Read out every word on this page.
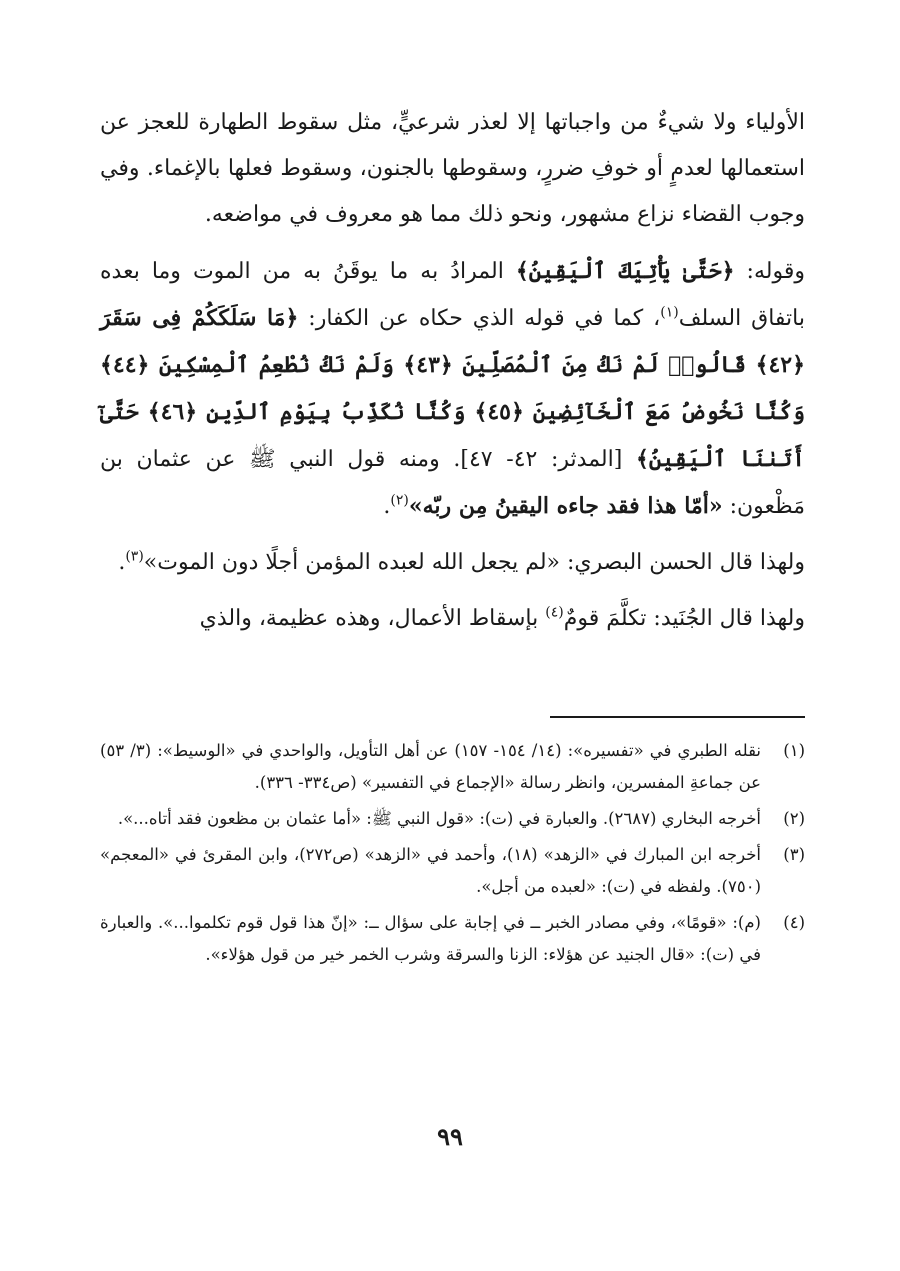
الأولياء ولا شيءٌ من واجباتها إلا لعذر شرعيٍّ، مثل سقوط الطهارة للعجز عن استعمالها لعدمٍ أو خوفِ ضررٍ، وسقوطها بالجنون، وسقوط فعلها بالإغماء. وفي وجوب القضاء نزاع مشهور، ونحو ذلك مما هو معروف في مواضعه.

وقوله: ﴿حَتَّىٰ يَأْتِيَكَ ٱلْيَقِينُ﴾ المرادُ به ما يوقَنُ به من الموت وما بعده باتفاق السلف$^{(١)}$، كما في قوله الذي حكاه عن الكفار: ﴿مَا سَلَكَكُمْ فِى سَقَرَ ﴿٤٢﴾ قَالُوا۟ لَمْ نَكُ مِنَ ٱلْمُصَلِّينَ ﴿٤٣﴾ وَلَمْ نَكُ نُطْعِمُ ٱلْمِسْكِينَ ﴿٤٤﴾ وَكُنَّا نَخُوضُ مَعَ ٱلْخَآئِضِينَ ﴿٤٥﴾ وَكُنَّا نُكَذِّبُ بِيَوْمِ ٱلدِّينِ ﴿٤٦﴾ حَتَّىٰٓ أَتَىٰنَا ٱلْيَقِينُ﴾ [المدثر: ٤٢- ٤٧]. ومنه قول النبي ﷺ عن عثمان بن مَظْعون: «أمّا هذا فقد جاءه اليقينُ مِن ربّه»$^{(٢)}$.

ولهذا قال الحسن البصري: «لم يجعل الله لعبده المؤمن أجلًا دون الموت»$^{(٣)}$.

ولهذا قال الجُنَيد: تكلَّمَ قومٌ$^{(٤)}$ بإسقاط الأعمال، وهذه عظيمة، والذي

(١)
نقله الطبري في «تفسيره»: (١٤/ ١٥٤- ١٥٧) عن أهل التأويل، والواحدي في «الوسيط»: (٣/ ٥٣) عن جماعةِ المفسرين، وانظر رسالة «الإجماع في التفسير» (ص٣٣٤- ٣٣٦).
(٢)
أخرجه البخاري (٢٦٨٧). والعبارة في (ت): «قول النبي ﷺ: «أما عثمان بن مظعون فقد أتاه...».
(٣)
أخرجه ابن المبارك في «الزهد» (١٨)، وأحمد في «الزهد» (ص٢٧٢)، وابن المقرئ في «المعجم» (٧٥٠). ولفظه في (ت): «لعبده من أجل».
(٤)
(م): «قومًا»، وفي مصادر الخبر ــ في إجابة على سؤال ــ: «إنّ هذا قول قوم تكلموا...». والعبارة في (ت): «قال الجنيد عن هؤلاء: الزنا والسرقة وشرب الخمر خير من قول هؤلاء».
٩٩
